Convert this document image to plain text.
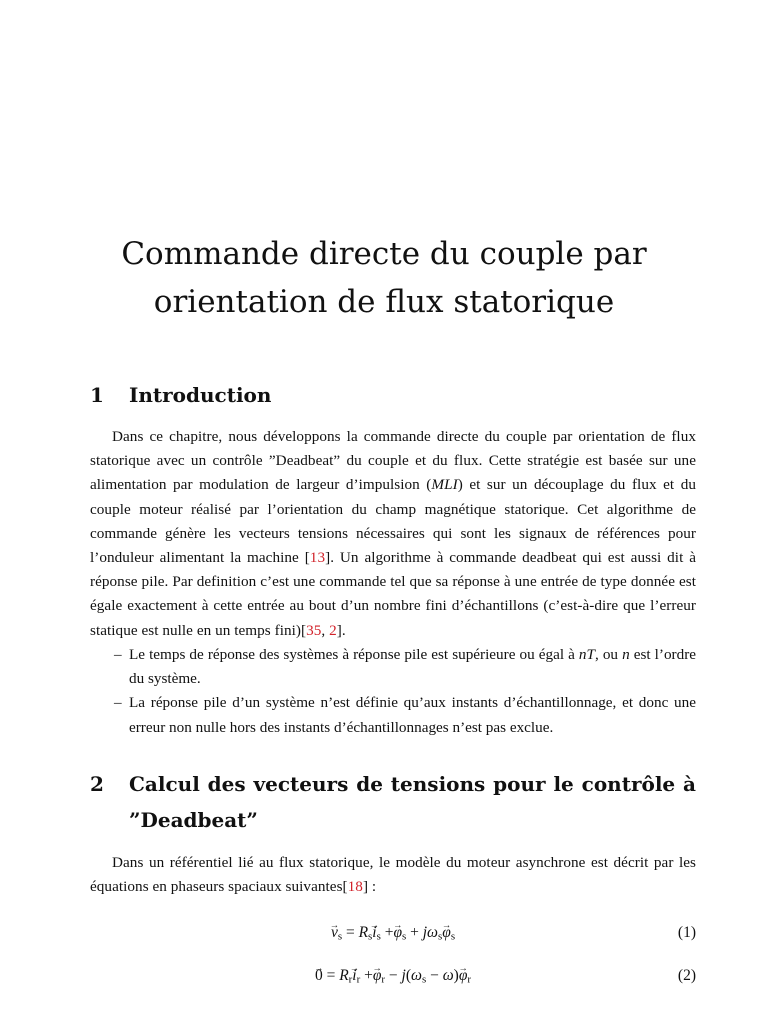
Commande directe du couple par
orientation de flux statorique
1 Introduction

Dans ce chapitre, nous développons la commande directe du couple par orientation de flux statorique avec un contrôle ”Deadbeat” du couple et du flux. Cette stratégie est basée sur une alimentation par modulation de largeur d’impulsion (MLI) et sur un découplage du flux et du couple moteur réalisé par l’orientation du champ magnétique statorique. Cet algorithme de commande génère les vecteurs tensions nécessaires qui sont les signaux de références pour l’onduleur alimentant la machine [13]. Un algorithme à commande deadbeat qui est aussi dit à réponse pile. Par definition c’est une commande tel que sa réponse à une entrée de type donnée est égale exactement à cette entrée au bout d’un nombre fini d’échantillons (c’est-à-dire que l’erreur statique est nulle en un temps fini)[35, 2].

– Le temps de réponse des systèmes à réponse pile est supérieure ou égal à nT, ou n est l’ordre du système.
– La réponse pile d’un système n’est définie qu’aux instants d’échantillonnage, et donc une erreur non nulle hors des instants d’échantillonnages n’est pas exclue.
2 Calcul des vecteurs de tensions pour le contrôle à ”Deadbeat”

Dans un référentiel lié au flux statorique, le modèle du moteur asynchrone est décrit par les équations en phaseurs spaciaux suivantes[18] :

$v \to_s = R_si \to_s +\varphi \to_s + j\omega_s\varphi \to_s$	(1)
0 → = $R_ri \to_r +\varphi \to_r - j(\omega_s - \omega)\varphi \to_r$	(2)
